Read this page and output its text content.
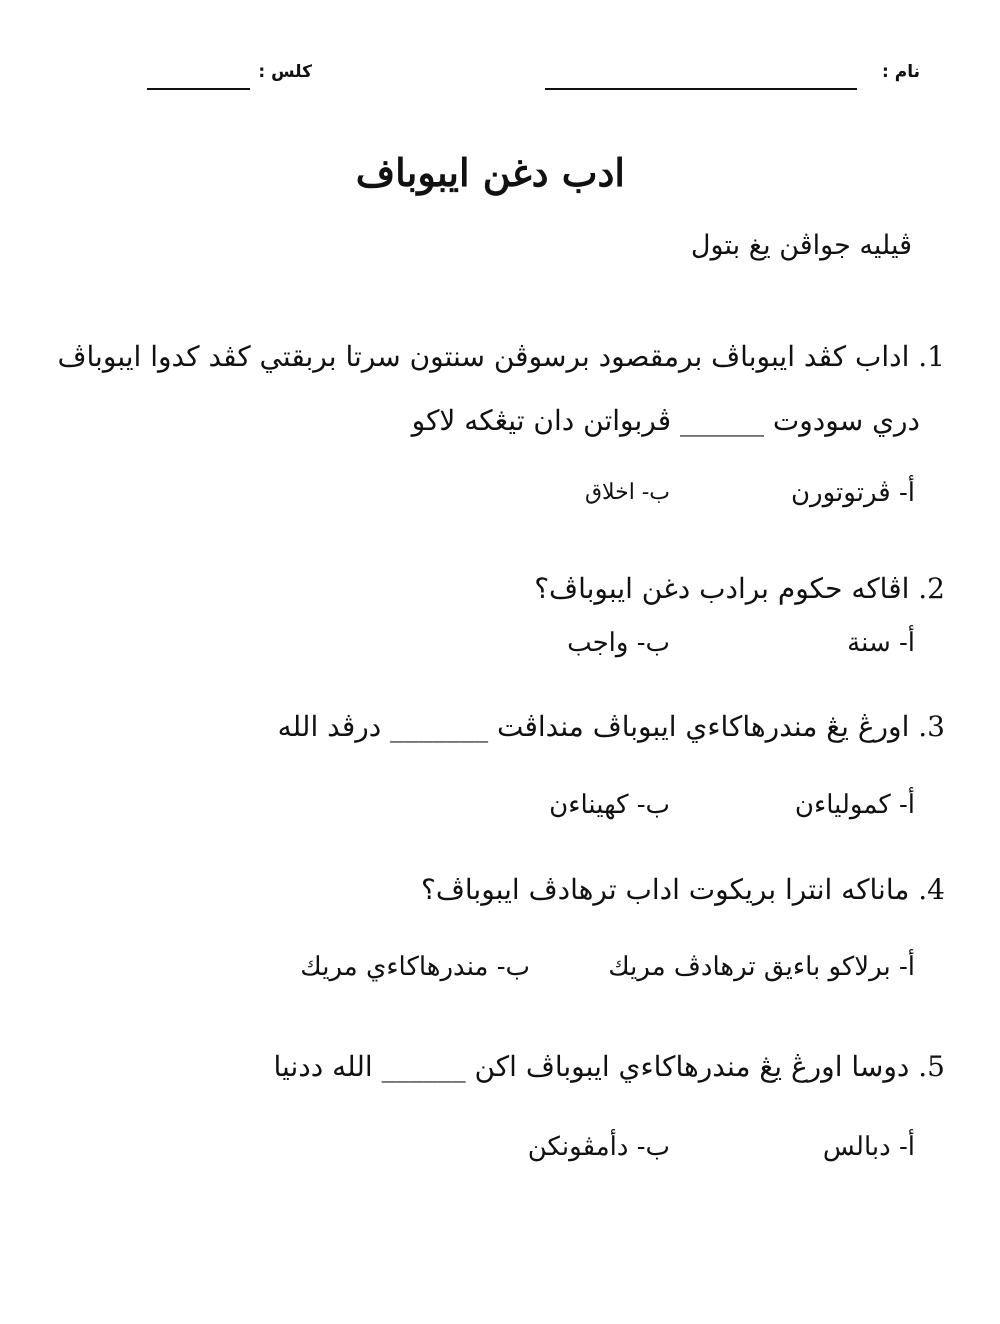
نام :
كلس :
ادب دغن ايبوباف
ڤيليه جواڤن يغ بتول
1. اداب كڤد ايبوباڤ برمقصود برسوڤن سنتون سرتا بربقتي كڤد كدوا ايبوباڤ
دري سودوت ______ ڤربواتن دان تيڠكه لاكو
أ- ڤرتوتورن
ب- اخلاق
2. اڤاكه حكوم برادب دغن ايبوباڤ؟
أ- سنة
ب- واجب
3. اورڠ يڠ مندرهاكاءي ايبوباڤ منداڤت _______ درڤد الله
أ- كمولياءن
ب- كهيناءن
4. ماناكه انترا بريكوت اداب ترهادڤ ايبوباڤ؟
أ- برلاكو باءيق ترهادڤ مريك
ب- مندرهاكاءي مريك
5. دوسا اورڠ يڠ مندرهاكاءي ايبوباڤ اكن ______ الله ددنيا
أ- دبالس
ب- دأمڤونكن
